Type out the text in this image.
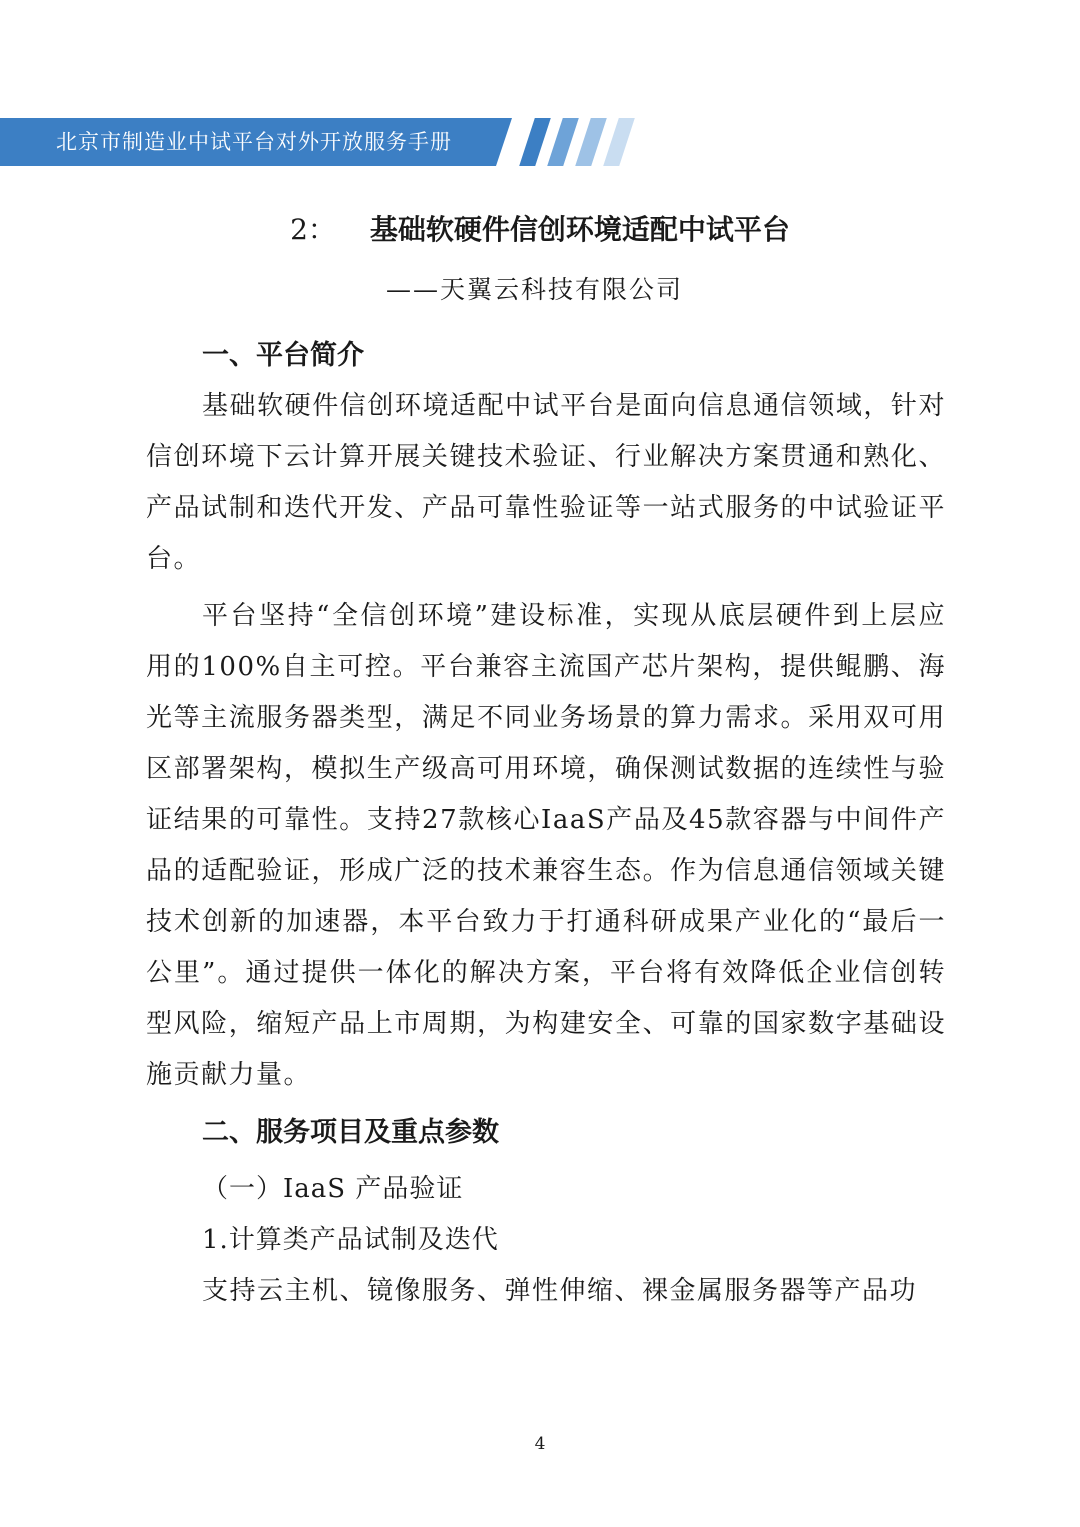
北京市制造业中试平台对外开放服务手册
2： 基础软硬件信创环境适配中试平台
——天翼云科技有限公司
一、平台简介

基础软硬件信创环境适配中试平台是面向信息通信领域，针对信创环境下云计算开展关键技术验证、行业解决方案贯通和熟化、产品试制和迭代开发、产品可靠性验证等一站式服务的中试验证平台。

平台坚持“全信创环境”建设标准，实现从底层硬件到上层应用的100%自主可控。平台兼容主流国产芯片架构，提供鲲鹏、海光等主流服务器类型，满足不同业务场景的算力需求。采用双可用区部署架构，模拟生产级高可用环境，确保测试数据的连续性与验证结果的可靠性。支持27款核心IaaS产品及45款容器与中间件产品的适配验证，形成广泛的技术兼容生态。作为信息通信领域关键技术创新的加速器，本平台致力于打通科研成果产业化的“最后一公里”。通过提供一体化的解决方案，平台将有效降低企业信创转型风险，缩短产品上市周期，为构建安全、可靠的国家数字基础设施贡献力量。

二、服务项目及重点参数

（一）IaaS 产品验证

1.计算类产品试制及迭代

支持云主机、镜像服务、弹性伸缩、裸金属服务器等产品功

4
